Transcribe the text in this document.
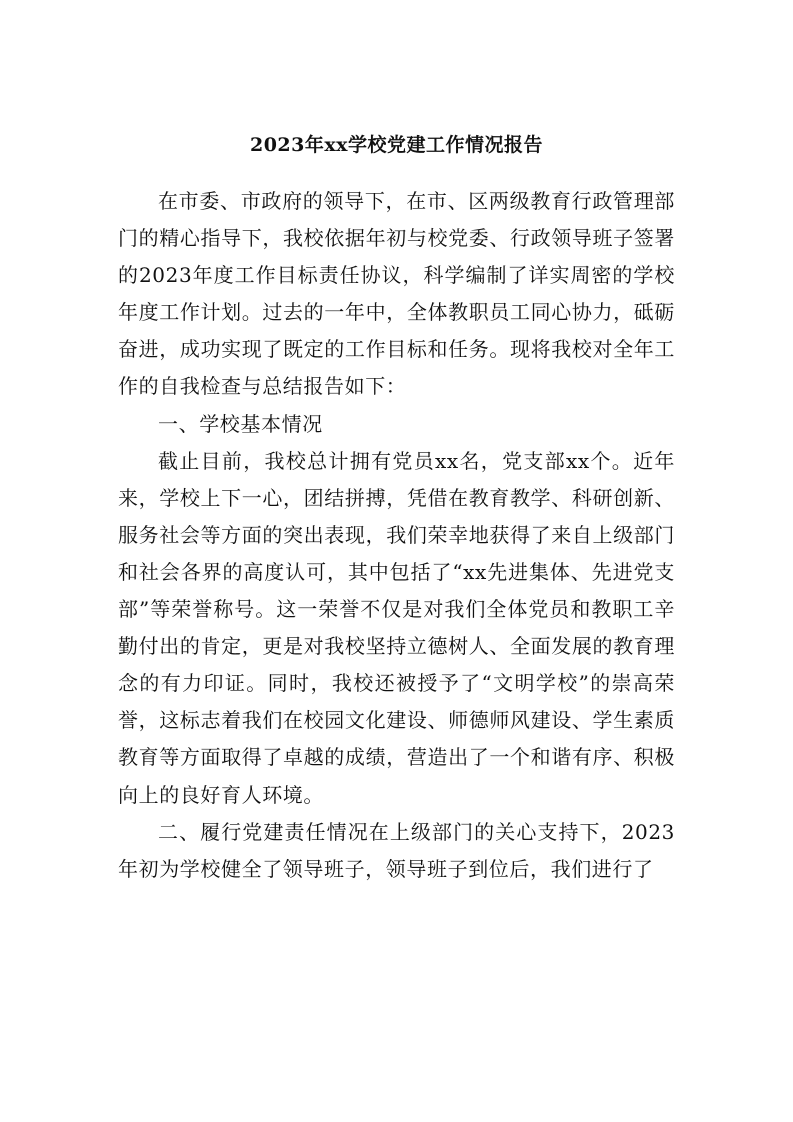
2023年xx学校党建工作情况报告

在市委、市政府的领导下，在市、区两级教育行政管理部门的精心指导下，我校依据年初与校党委、行政领导班子签署的2023年度工作目标责任协议，科学编制了详实周密的学校年度工作计划。过去的一年中，全体教职员工同心协力，砥砺奋进，成功实现了既定的工作目标和任务。现将我校对全年工作的自我检查与总结报告如下：

一、学校基本情况

截止目前，我校总计拥有党员xx名，党支部xx个。近年来，学校上下一心，团结拼搏，凭借在教育教学、科研创新、服务社会等方面的突出表现，我们荣幸地获得了来自上级部门和社会各界的高度认可，其中包括了“xx先进集体、先进党支部”等荣誉称号。这一荣誉不仅是对我们全体党员和教职工辛勤付出的肯定，更是对我校坚持立德树人、全面发展的教育理念的有力印证。同时，我校还被授予了“文明学校”的崇高荣誉，这标志着我们在校园文化建设、师德师风建设、学生素质教育等方面取得了卓越的成绩，营造出了一个和谐有序、积极向上的良好育人环境。

二、履行党建责任情况在上级部门的关心支持下，2023年初为学校健全了领导班子，领导班子到位后，我们进行了
